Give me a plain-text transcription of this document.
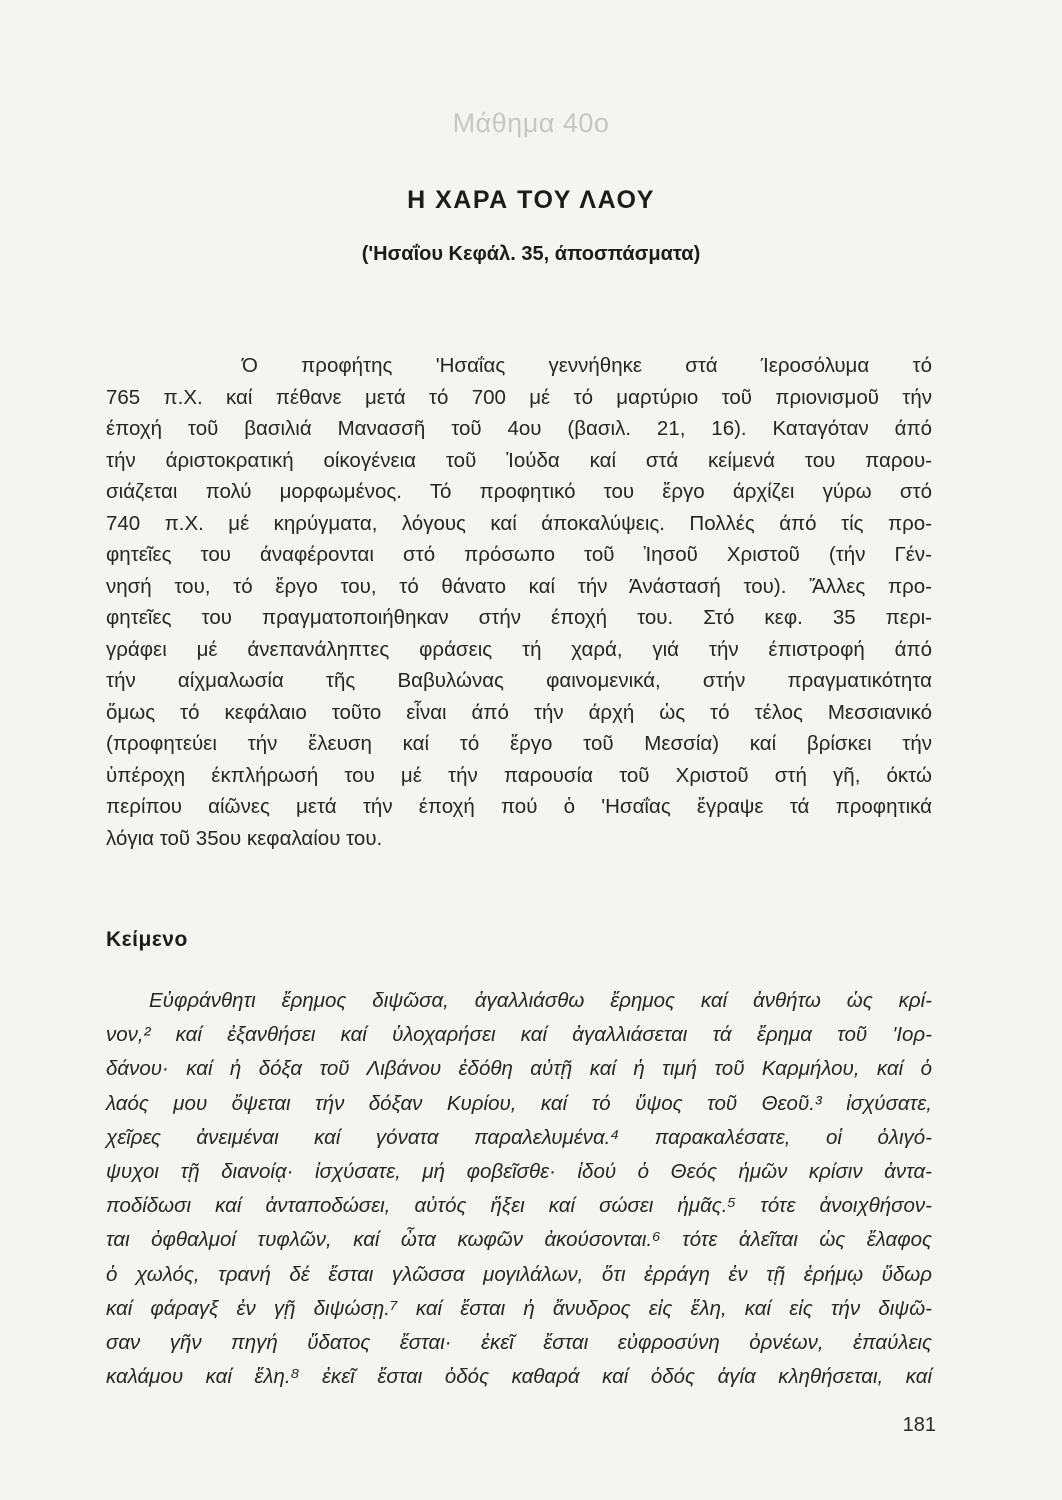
Μάθημα 40ο
Η ΧΑΡΑ ΤΟΥ ΛΑΟΥ
('Ησαΐου Κεφάλ. 35, άποσπάσματα)
Ό προφήτης 'Ησαΐας γεννήθηκε στά Ίεροσόλυμα τό
765 π.Χ. καί πέθανε μετά τό 700 μέ τό μαρτύριο τοῦ πριονισμοῦ τήν
έποχή τοῦ βασιλιά Μανασσῆ τοῦ 4ου (βασιλ. 21, 16). Καταγόταν άπό
τήν άριστοκρατική οίκογένεια τοῦ Ἰούδα καί στά κείμενά του παρου-
σιάζεται πολύ μορφωμένος. Τό προφητικό του ἔργο άρχίζει γύρω στό
740 π.Χ. μέ κηρύγματα, λόγους καί άποκαλύψεις. Πολλές άπό τίς προ-
φητεῖες του άναφέρονται στό πρόσωπο τοῦ Ἰησοῦ Χριστοῦ (τήν Γέν-
νησή του, τό ἔργο του, τό θάνατο καί τήν Άνάστασή του). Ἄλλες προ-
φητεῖες του πραγματοποιήθηκαν στήν έποχή του. Στό κεφ. 35 περι-
γράφει μέ άνεπανάληπτες φράσεις τή χαρά, γιά τήν έπιστροφή άπό
τήν αίχμαλωσία τῆς Βαβυλώνας φαινομενικά, στήν πραγματικότητα
ὅμως τό κεφάλαιο τοῦτο εἶναι άπό τήν άρχή ὡς τό τέλος Μεσσιανικό
(προφητεύει τήν ἔλευση καί τό ἔργο τοῦ Μεσσία) καί βρίσκει τήν
ὑπέροχη έκπλήρωσή του μέ τήν παρουσία τοῦ Χριστοῦ στή γῆ, όκτώ
περίπου αίῶνες μετά τήν έποχή πού ὁ 'Ησαΐας ἔγραψε τά προφητικά
λόγια τοῦ 35ου κεφαλαίου του.
Κείμενο
Εὐφράνθητι ἔρημος διψῶσα, ἀγαλλιάσθω ἔρημος καί ἀνθήτω ὡς κρί-
νον,² καί ἐξανθήσει καί ὑλοχαρήσει καί ἀγαλλιάσεται τά ἔρημα τοῦ 'Ιορ-
δάνου· καί ἡ δόξα τοῦ Λιβάνου ἐδόθη αὐτῇ καί ἡ τιμή τοῦ Καρμήλου, καί ὁ
λαός μου ὄψεται τήν δόξαν Κυρίου, καί τό ὕψος τοῦ Θεοῦ.³ ἰσχύσατε,
χεῖρες ἀνειμέναι καί γόνατα παραλελυμένα.⁴ παρακαλέσατε, οἱ ὀλιγό-
ψυχοι τῇ διανοίᾳ· ἰσχύσατε, μή φοβεῖσθε· ἰδού ὁ Θεός ἡμῶν κρίσιν ἀντα-
ποδίδωσι καί ἀνταποδώσει, αὐτός ἥξει καί σώσει ἡμᾶς.⁵ τότε ἀνοιχθήσον-
ται ὀφθαλμοί τυφλῶν, καί ὦτα κωφῶν ἀκούσονται.⁶ τότε ἁλεῖται ὡς ἔλαφος
ὁ χωλός, τρανή δέ ἔσται γλῶσσα μογιλάλων, ὅτι ἐρράγη ἐν τῇ ἐρήμῳ ὕδωρ
καί φάραγξ ἐν γῇ διψώσῃ.⁷ καί ἔσται ἡ ἄνυδρος εἰς ἕλη, καί εἰς τήν διψῶ-
σαν γῆν πηγή ὕδατος ἔσται· ἐκεῖ ἔσται εὐφροσύνη ὀρνέων, ἐπαύλεις
καλάμου καί ἕλη.⁸ ἐκεῖ ἔσται ὁδός καθαρά καί ὁδός ἁγία κληθήσεται, καί
181
